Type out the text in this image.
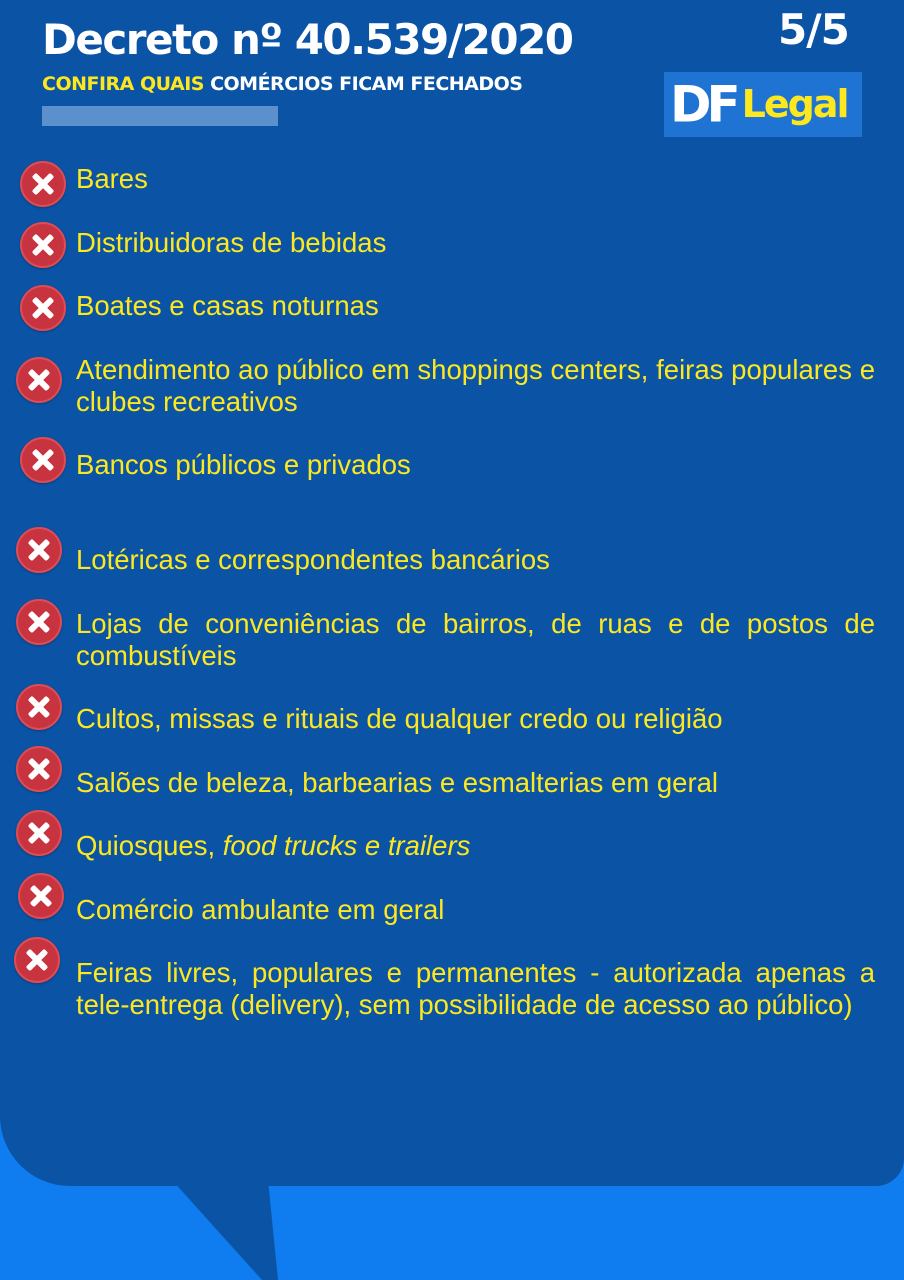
Decreto nº 40.539/2020
CONFIRA QUAIS COMÉRCIOS FICAM FECHADOS
5/5
DF Legal

Bares

Distribuidoras de bebidas

Boates e casas noturnas

Atendimento ao público em shoppings centers, feiras populares e clubes recreativos

Bancos públicos e privados

Lotéricas e correspondentes bancários

Lojas de conveniências de bairros, de ruas e de postos de combustíveis

Cultos, missas e rituais de qualquer credo ou religião

Salões de beleza, barbearias e esmalterias em geral

Quiosques, food trucks e trailers

Comércio ambulante em geral

Feiras livres, populares e permanentes - autorizada apenas a tele-entrega (delivery), sem possibilidade de acesso ao público)
